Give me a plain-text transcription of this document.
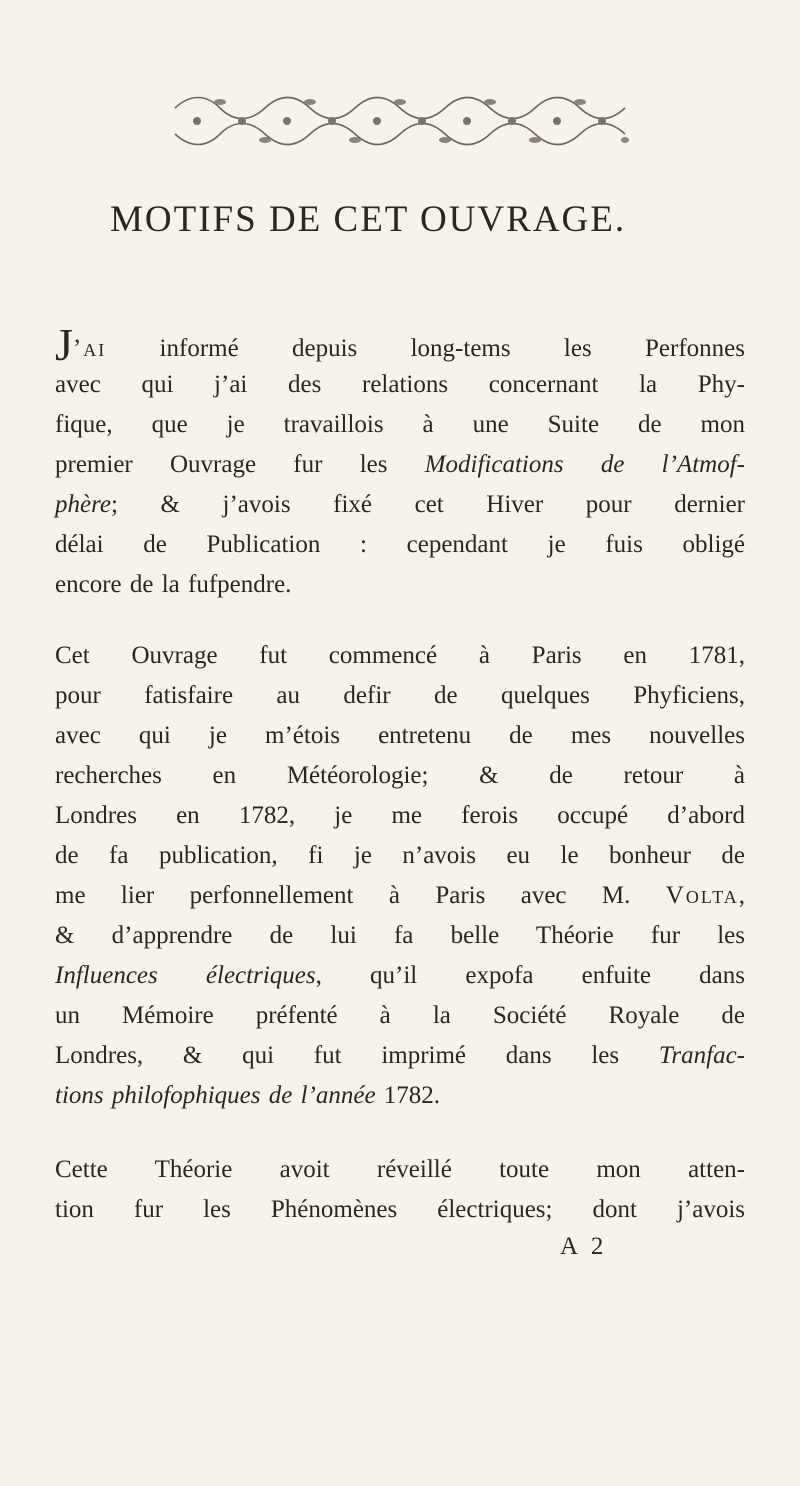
MOTIFS DE CET OUVRAGE.
J’ai informé depuis long-tems les Perfonnes
avec qui j’ai des relations concernant la Phy-
fique, que je travaillois à une Suite de mon
premier Ouvrage fur les Modifications de l’Atmof-
phère; & j’avois fixé cet Hiver pour dernier
délai de Publication : cependant je fuis obligé
encore de la fufpendre.
Cet Ouvrage fut commencé à Paris en 1781,
pour fatisfaire au defir de quelques Phyficiens,
avec qui je m’étois entretenu de mes nouvelles
recherches en Météorologie; & de retour à
Londres en 1782, je me ferois occupé d’abord
de fa publication, fi je n’avois eu le bonheur de
me lier perfonnellement à Paris avec M. Volta,
& d’apprendre de lui fa belle Théorie fur les
Influences électriques, qu’il expofa enfuite dans
un Mémoire préfenté à la Société Royale de
Londres, & qui fut imprimé dans les Tranfac-
tions philofophiques de l’année 1782.
Cette Théorie avoit réveillé toute mon atten-
tion fur les Phénomènes électriques; dont j’avois
A 2
